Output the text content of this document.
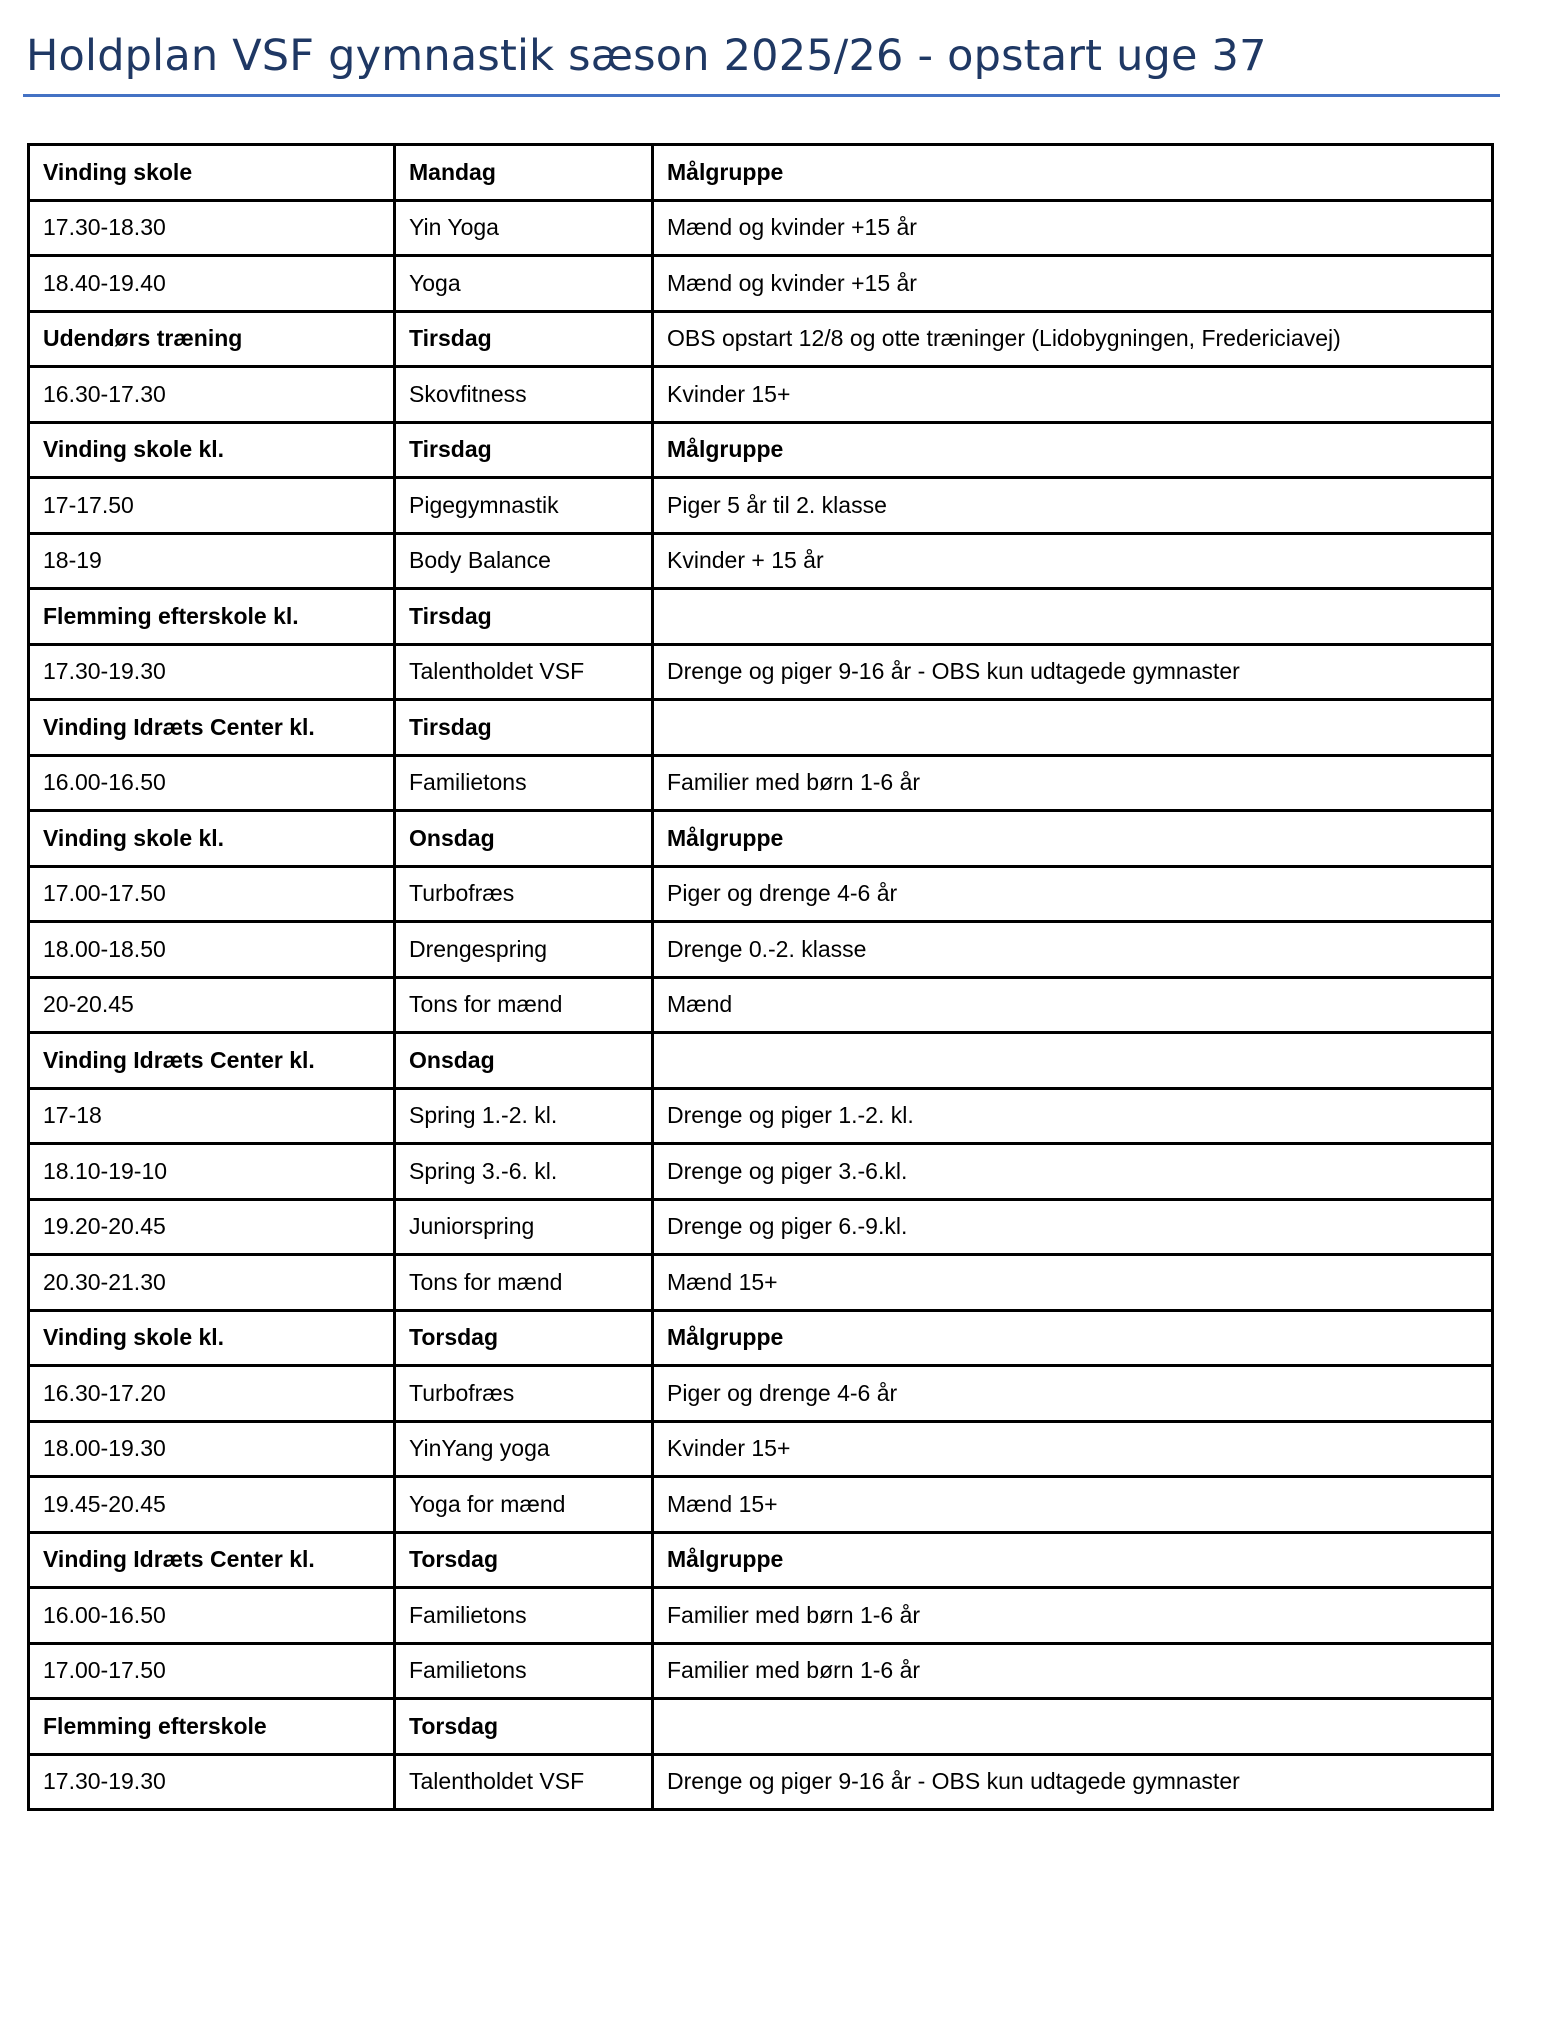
Holdplan VSF gymnastik sæson 2025/26 - opstart uge 37
Vinding skole	Mandag	Målgruppe
17.30-18.30	Yin Yoga	Mænd og kvinder +15 år
18.40-19.40	Yoga	Mænd og kvinder +15 år
Udendørs træning	Tirsdag	OBS opstart 12/8 og otte træninger (Lidobygningen, Fredericiavej)
16.30-17.30	Skovfitness	Kvinder 15+
Vinding skole kl.	Tirsdag	Målgruppe
17-17.50	Pigegymnastik	Piger 5 år til 2. klasse
18-19	Body Balance	Kvinder + 15 år
Flemming efterskole kl.	Tirsdag	
17.30-19.30	Talentholdet VSF	Drenge og piger 9-16 år - OBS kun udtagede gymnaster
Vinding Idræts Center kl.	Tirsdag	
16.00-16.50	Familietons	Familier med børn 1-6 år
Vinding skole kl.	Onsdag	Målgruppe
17.00-17.50	Turbofræs	Piger og drenge 4-6 år
18.00-18.50	Drengespring	Drenge 0.-2. klasse
20-20.45	Tons for mænd	Mænd
Vinding Idræts Center kl.	Onsdag	
17-18	Spring 1.-2. kl.	Drenge og piger 1.-2. kl.
18.10-19-10	Spring 3.-6. kl.	Drenge og piger 3.-6.kl.
19.20-20.45	Juniorspring	Drenge og piger 6.-9.kl.
20.30-21.30	Tons for mænd	Mænd 15+
Vinding skole kl.	Torsdag	Målgruppe
16.30-17.20	Turbofræs	Piger og drenge 4-6 år
18.00-19.30	YinYang yoga	Kvinder 15+
19.45-20.45	Yoga for mænd	Mænd 15+
Vinding Idræts Center kl.	Torsdag	Målgruppe
16.00-16.50	Familietons	Familier med børn 1-6 år
17.00-17.50	Familietons	Familier med børn 1-6 år
Flemming efterskole	Torsdag	
17.30-19.30	Talentholdet VSF	Drenge og piger 9-16 år - OBS kun udtagede gymnaster
